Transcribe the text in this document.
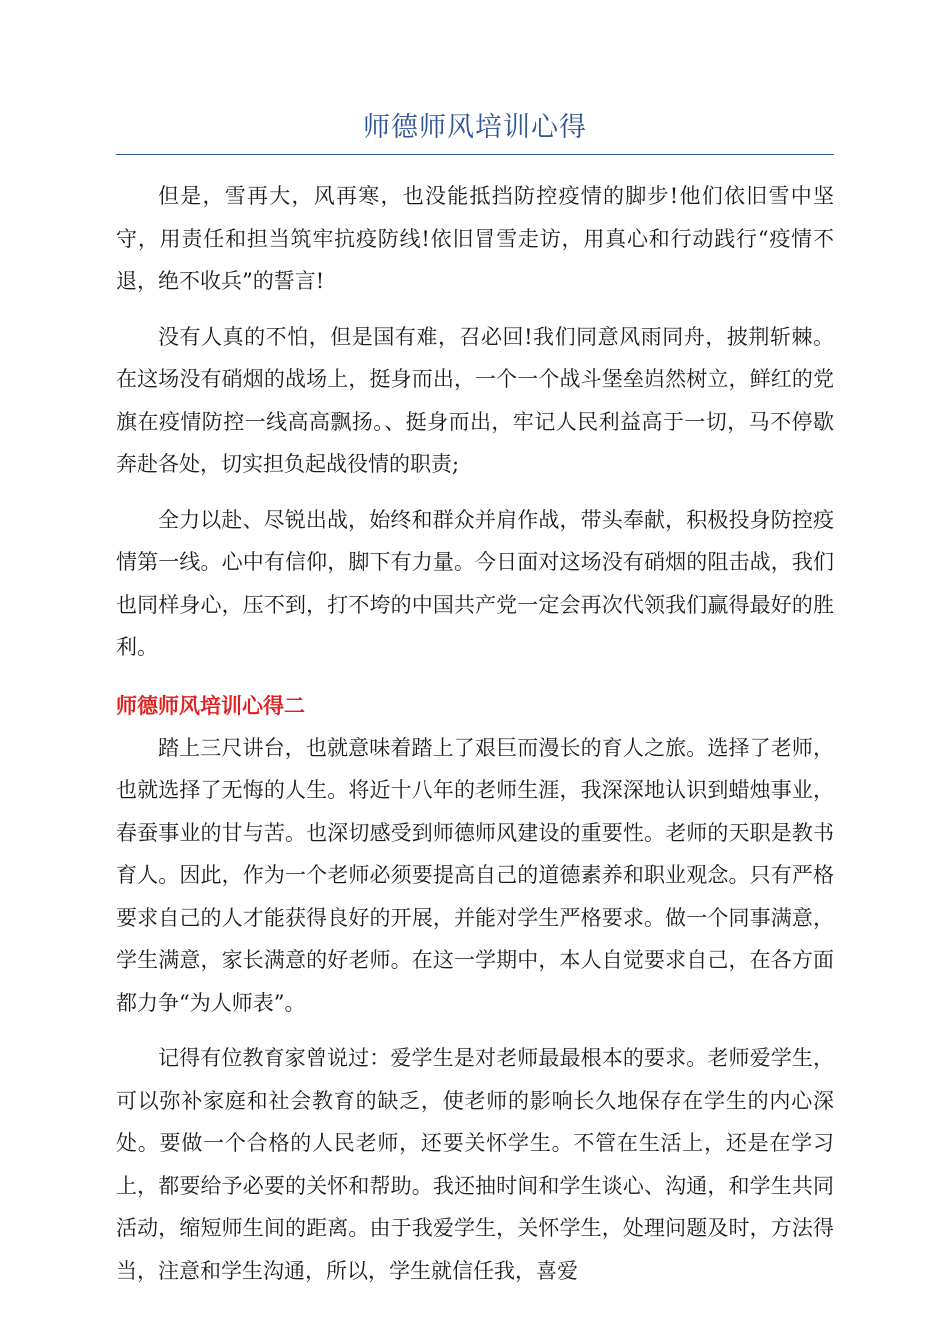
师德师风培训心得

但是，雪再大，风再寒，也没能抵挡防控疫情的脚步!他们依旧雪中坚守，用责任和担当筑牢抗疫防线!依旧冒雪走访，用真心和行动践行“疫情不退，绝不收兵”的誓言!

没有人真的不怕，但是国有难，召必回!我们同意风雨同舟，披荆斩棘。在这场没有硝烟的战场上，挺身而出，一个一个战斗堡垒岿然树立，鲜红的党旗在疫情防控一线高高飘扬。、挺身而出，牢记人民利益高于一切，马不停歇奔赴各处，切实担负起战役情的职责;

全力以赴、尽锐出战，始终和群众并肩作战，带头奉献，积极投身防控疫情第一线。心中有信仰，脚下有力量。今日面对这场没有硝烟的阻击战，我们也同样身心，压不到，打不垮的中国共产党一定会再次代领我们赢得最好的胜利。

师德师风培训心得二

踏上三尺讲台，也就意味着踏上了艰巨而漫长的育人之旅。选择了老师，也就选择了无悔的人生。将近十八年的老师生涯，我深深地认识到蜡烛事业，春蚕事业的甘与苦。也深切感受到师德师风建设的重要性。老师的天职是教书育人。因此，作为一个老师必须要提高自己的道德素养和职业观念。只有严格要求自己的人才能获得良好的开展，并能对学生严格要求。做一个同事满意，学生满意，家长满意的好老师。在这一学期中，本人自觉要求自己，在各方面都力争“为人师表”。

记得有位教育家曾说过：爱学生是对老师最最根本的要求。老师爱学生，可以弥补家庭和社会教育的缺乏，使老师的影响长久地保存在学生的内心深处。要做一个合格的人民老师，还要关怀学生。不管在生活上，还是在学习上，都要给予必要的关怀和帮助。我还抽时间和学生谈心、沟通，和学生共同活动，缩短师生间的距离。由于我爱学生，关怀学生，处理问题及时，方法得当，注意和学生沟通，所以，学生就信任我，喜爱
